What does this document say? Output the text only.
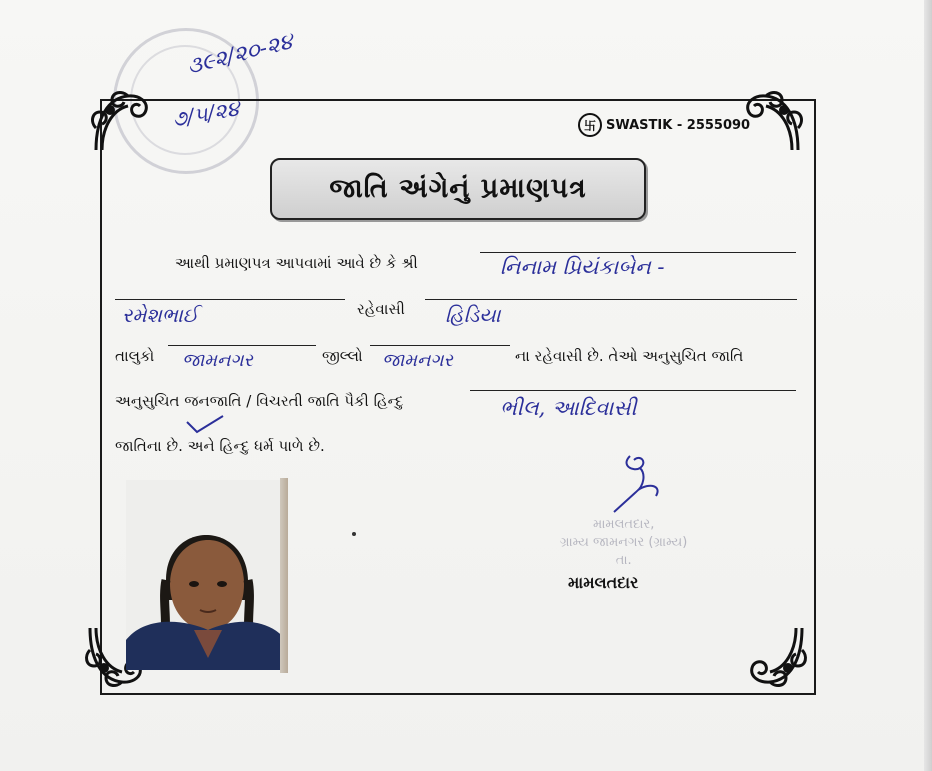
૩૯૨/૨૦-૨૪
૭/૫/૨૪	卐 SWASTIK - 2555090
જાતિ અંગેનું પ્રમાણપત્ર
આથી પ્રમાણપત્ર આપવામાં આવે છે કે શ્રી	નિનામ પ્રિયંકાબેન -
રમેશભાઈ	રહેવાસી હિડિયા
તાલુકો જામનગર	જીલ્લો જામનગર	ના રહેવાસી છે. તેઓ અનુસુચિત જાતિ
અનુસુચિત જનજાતિ / વિચરતી જાતિ પૈકી હિન્દુ	ભીલ, આદિવાસી
જાતિના છે. અને હિન્દુ ધર્મ પાળે છે.
મામલતદાર,
ગ્રામ્ય જામનગર (ગ્રામ્ય)
તા.
મામલતદાર
